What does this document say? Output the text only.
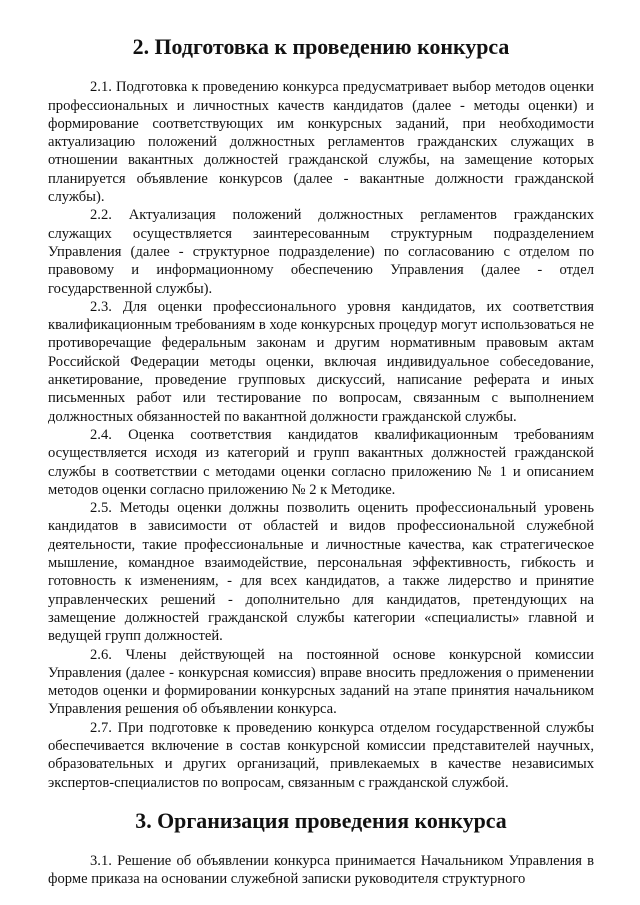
2. Подготовка к проведению конкурса

2.1. Подготовка к проведению конкурса предусматривает выбор методов оценки профессиональных и личностных качеств кандидатов (далее - методы оценки) и формирование соответствующих им конкурсных заданий, при необходимости актуализацию положений должностных регламентов гражданских служащих в отношении вакантных должностей гражданской службы, на замещение которых планируется объявление конкурсов (далее - вакантные должности гражданской службы).

2.2. Актуализация положений должностных регламентов гражданских служащих осуществляется заинтересованным структурным подразделением Управления (далее - структурное подразделение) по согласованию с отделом по правовому и информационному обеспечению Управления (далее - отдел государственной службы).

2.3. Для оценки профессионального уровня кандидатов, их соответствия квалификационным требованиям в ходе конкурсных процедур могут использоваться не противоречащие федеральным законам и другим нормативным правовым актам Российской Федерации методы оценки, включая индивидуальное собеседование, анкетирование, проведение групповых дискуссий, написание реферата и иных письменных работ или тестирование по вопросам, связанным с выполнением должностных обязанностей по вакантной должности гражданской службы.

2.4. Оценка соответствия кандидатов квалификационным требованиям осуществляется исходя из категорий и групп вакантных должностей гражданской службы в соответствии с методами оценки согласно приложению № 1 и описанием методов оценки согласно приложению № 2 к Методике.

2.5. Методы оценки должны позволить оценить профессиональный уровень кандидатов в зависимости от областей и видов профессиональной служебной деятельности, такие профессиональные и личностные качества, как стратегическое мышление, командное взаимодействие, персональная эффективность, гибкость и готовность к изменениям, - для всех кандидатов, а также лидерство и принятие управленческих решений - дополнительно для кандидатов, претендующих на замещение должностей гражданской службы категории «специалисты» главной и ведущей групп должностей.

2.6. Члены действующей на постоянной основе конкурсной комиссии Управления (далее - конкурсная комиссия) вправе вносить предложения о применении методов оценки и формировании конкурсных заданий на этапе принятия начальником Управления решения об объявлении конкурса.

2.7. При подготовке к проведению конкурса отделом государственной службы обеспечивается включение в состав конкурсной комиссии представителей научных, образовательных и других организаций, привлекаемых в качестве независимых экспертов-специалистов по вопросам, связанным с гражданской службой.

3. Организация проведения конкурса

3.1. Решение об объявлении конкурса принимается Начальником Управления в форме приказа на основании служебной записки руководителя структурного
